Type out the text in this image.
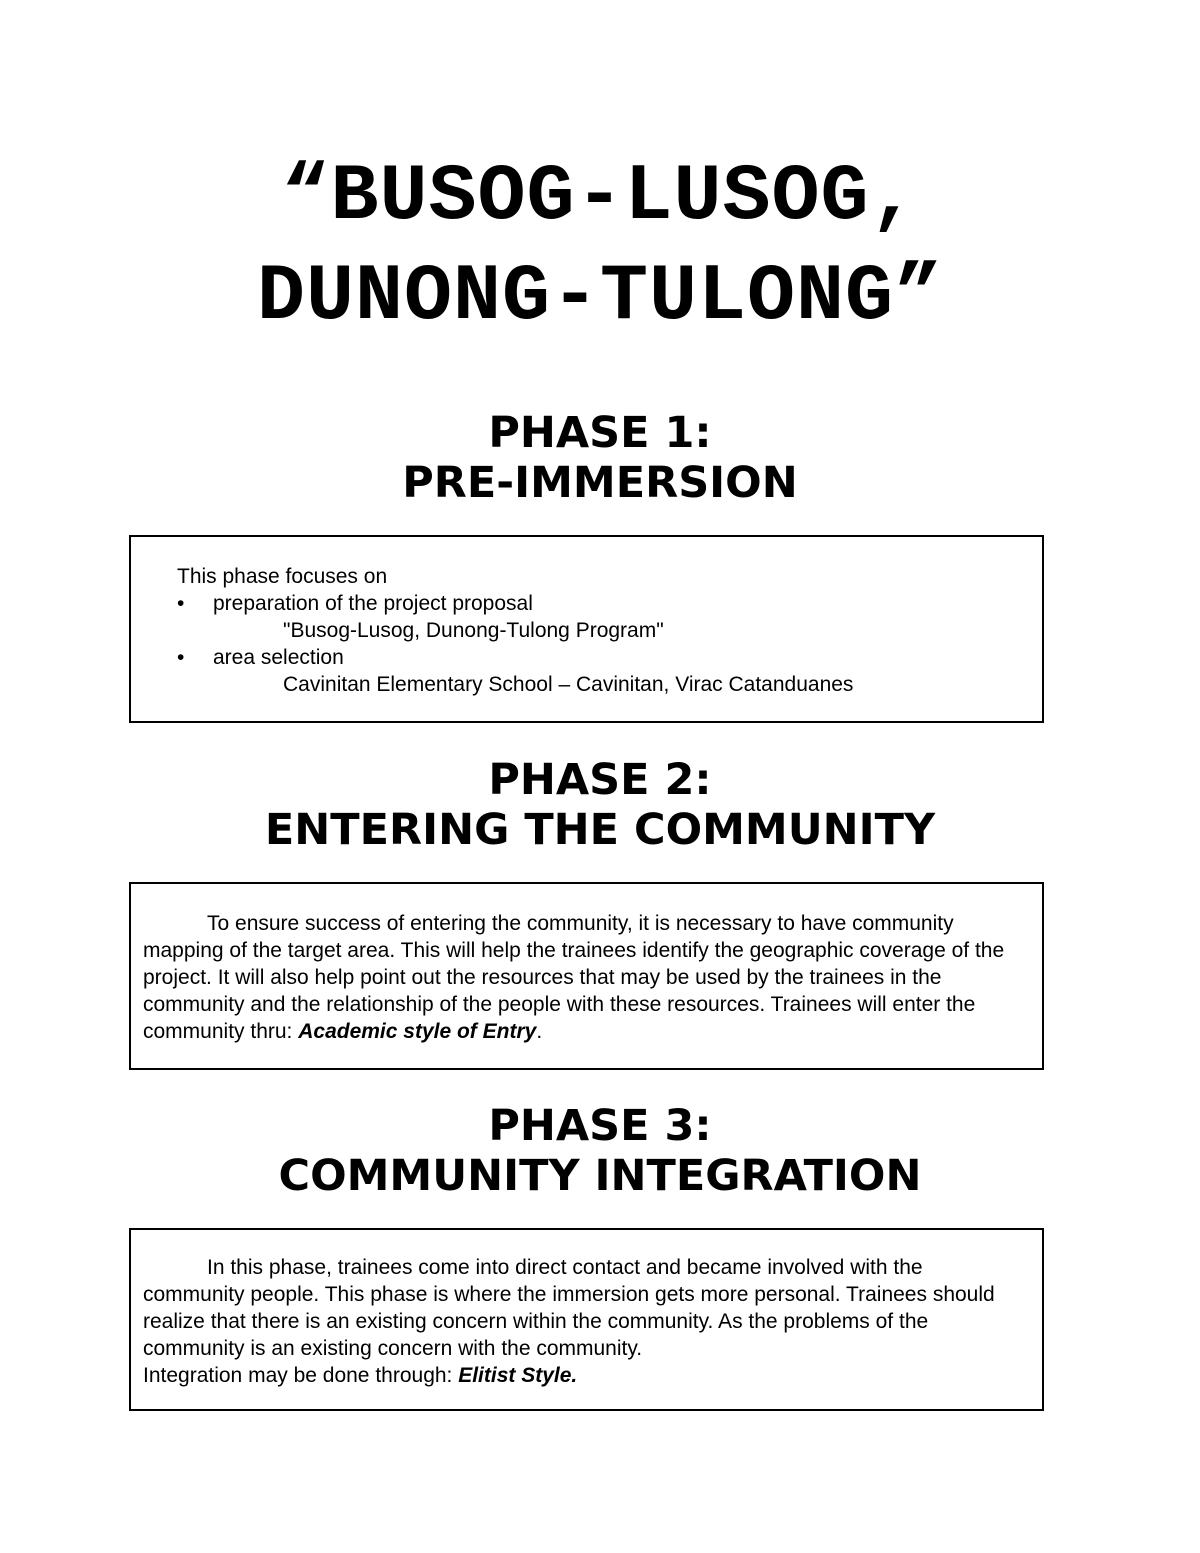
“BUSOG-LUSOG,
DUNONG-TULONG”
PHASE 1:
PRE-IMMERSION

This phase focuses on

• preparation of the project proposal

"Busog-Lusog, Dunong-Tulong Program"

• area selection

Cavinitan Elementary School – Cavinitan, Virac Catanduanes

PHASE 2:
ENTERING THE COMMUNITY

To ensure success of entering the community, it is necessary to have community mapping of the target area. This will help the trainees identify the geographic coverage of the project. It will also help point out the resources that may be used by the trainees in the community and the relationship of the people with these resources. Trainees will enter the community thru: Academic style of Entry.

PHASE 3:
COMMUNITY INTEGRATION

In this phase, trainees come into direct contact and became involved with the community people. This phase is where the immersion gets more personal. Trainees should realize that there is an existing concern within the community. As the problems of the community is an existing concern with the community.

Integration may be done through: Elitist Style.
